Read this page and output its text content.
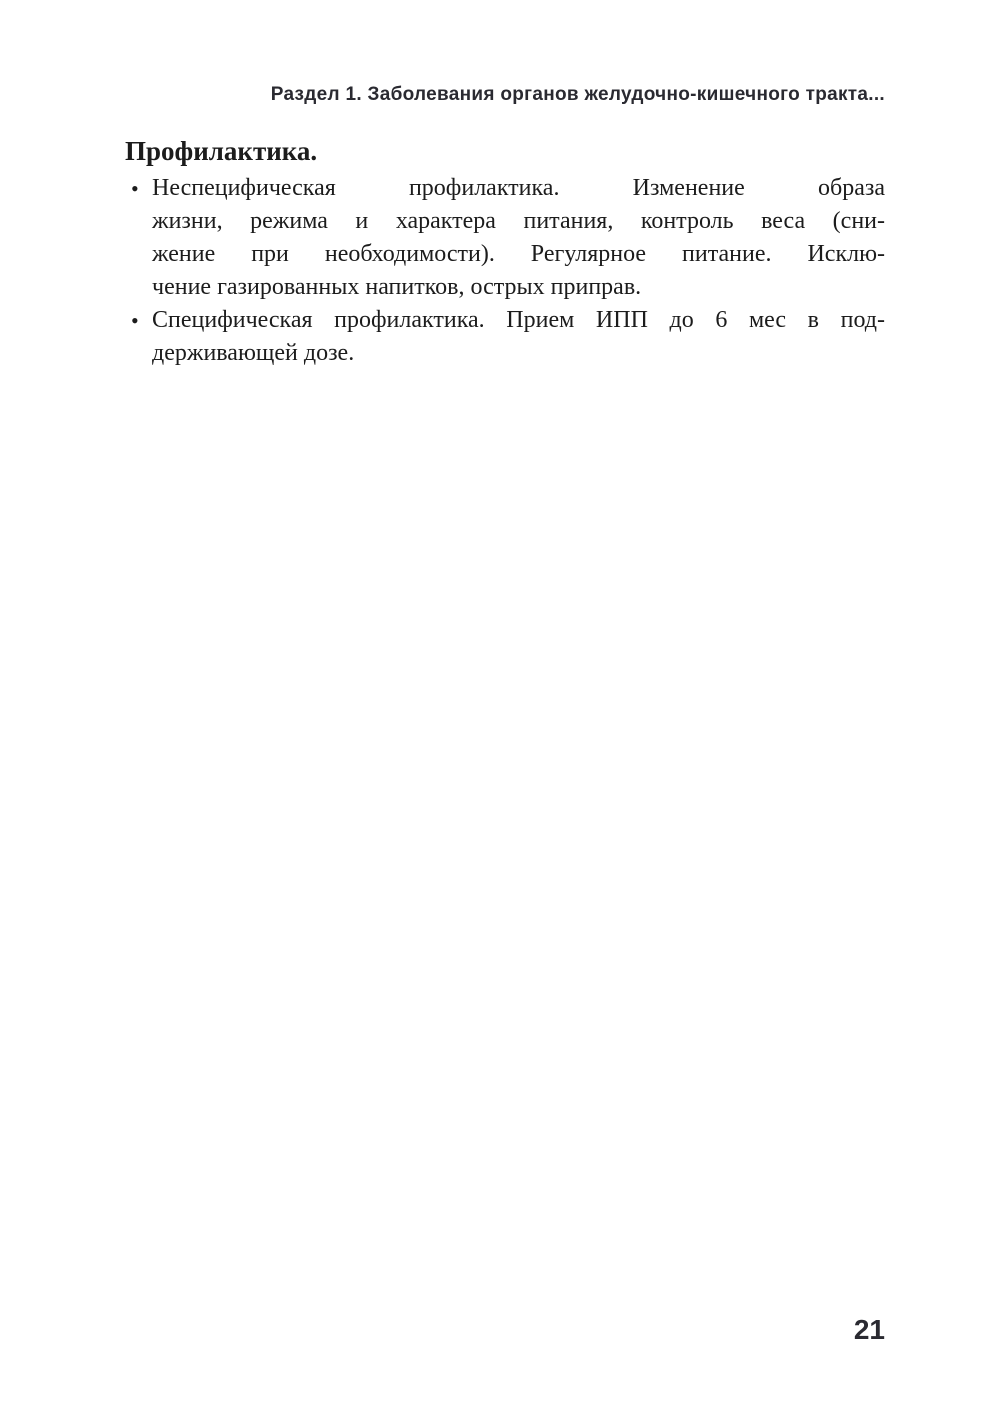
Раздел 1. Заболевания органов желудочно-кишечного тракта...
Профилактика.
• Неспецифическая профилактика. Изменение образа
жизни, режима и характера питания, контроль веса (сни-
жение при необходимости). Регулярное питание. Исклю-
чение газированных напитков, острых приправ.
• Специфическая профилактика. Прием ИПП до 6 мес в под-
держивающей дозе.
21
